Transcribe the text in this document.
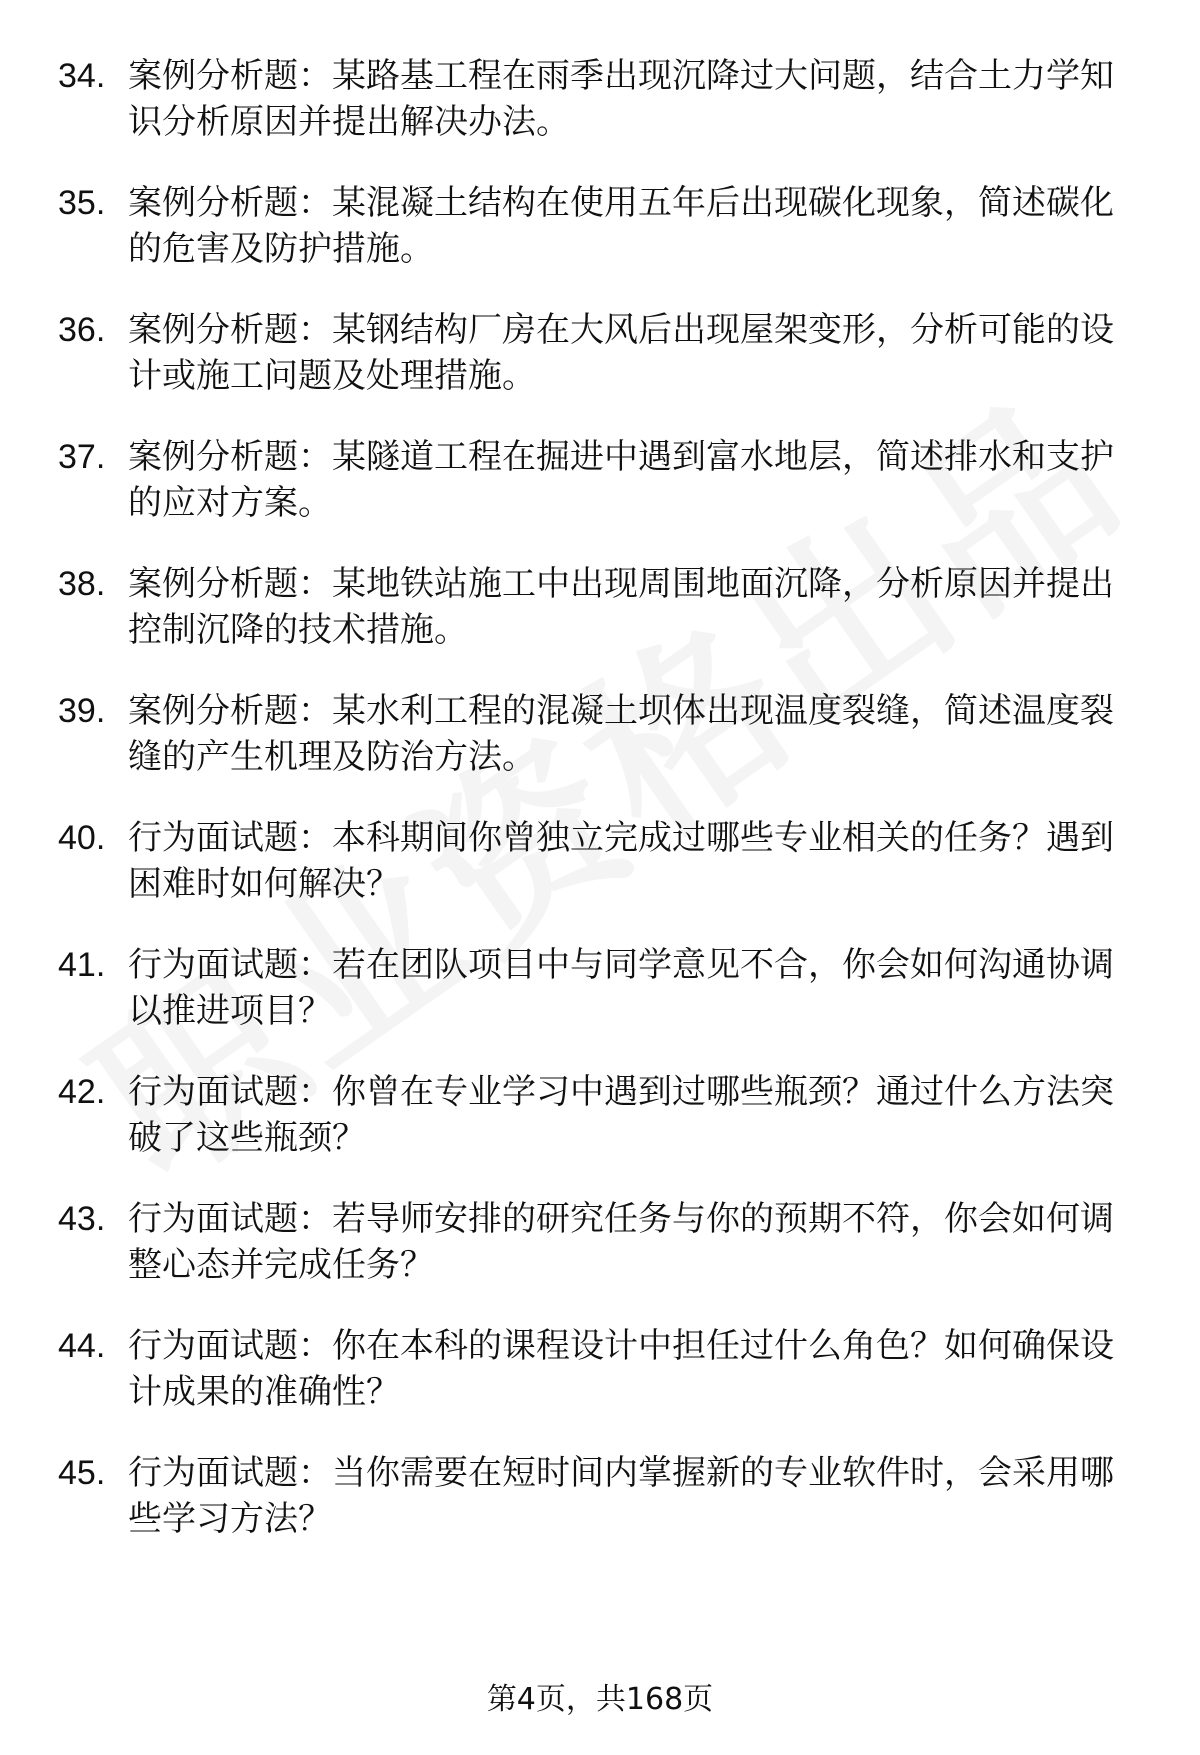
34. 案例分析题：某路基工程在雨季出现沉降过大问题，结合土力学知识分析原因并提出解决办法。
35. 案例分析题：某混凝土结构在使用五年后出现碳化现象，简述碳化的危害及防护措施。
36. 案例分析题：某钢结构厂房在大风后出现屋架变形，分析可能的设计或施工问题及处理措施。
37. 案例分析题：某隧道工程在掘进中遇到富水地层，简述排水和支护的应对方案。
38. 案例分析题：某地铁站施工中出现周围地面沉降，分析原因并提出控制沉降的技术措施。
39. 案例分析题：某水利工程的混凝土坝体出现温度裂缝，简述温度裂缝的产生机理及防治方法。
40. 行为面试题：本科期间你曾独立完成过哪些专业相关的任务？遇到困难时如何解决？
41. 行为面试题：若在团队项目中与同学意见不合，你会如何沟通协调以推进项目？
42. 行为面试题：你曾在专业学习中遇到过哪些瓶颈？通过什么方法突破了这些瓶颈？
43. 行为面试题：若导师安排的研究任务与你的预期不符，你会如何调整心态并完成任务？
44. 行为面试题：你在本科的课程设计中担任过什么角色？如何确保设计成果的准确性？
45. 行为面试题：当你需要在短时间内掌握新的专业软件时，会采用哪些学习方法？
第4页，共168页
